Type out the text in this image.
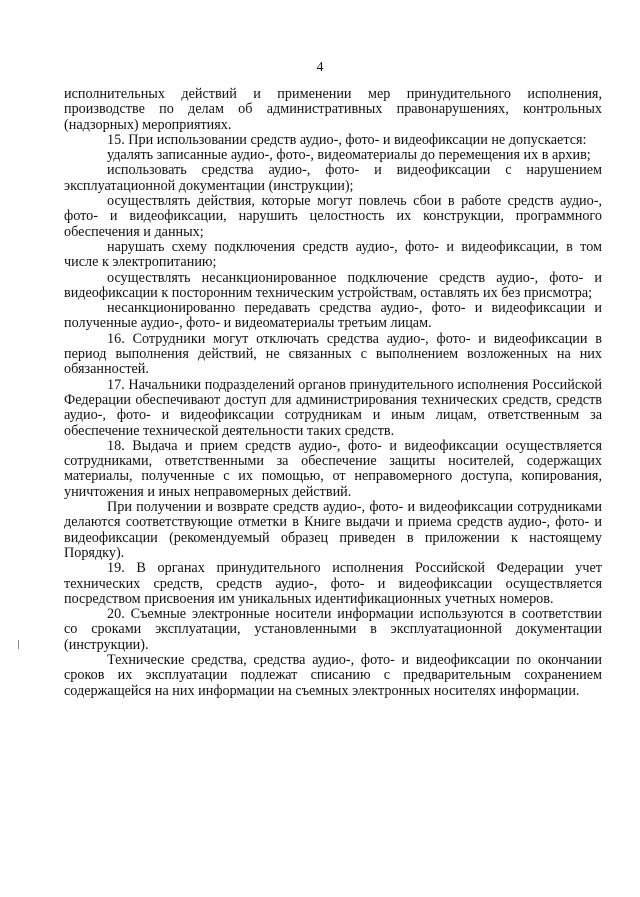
4

исполнительных действий и применении мер принудительного исполнения, производстве по делам об административных правонарушениях, контрольных (надзорных) мероприятиях.

15. При использовании средств аудио-, фото- и видеофиксации не допускается:

удалять записанные аудио-, фото-, видеоматериалы до перемещения их в архив;

использовать средства аудио-, фото- и видеофиксации с нарушением эксплуатационной документации (инструкции);

осуществлять действия, которые могут повлечь сбои в работе средств аудио-, фото- и видеофиксации, нарушить целостность их конструкции, программного обеспечения и данных;

нарушать схему подключения средств аудио-, фото- и видеофиксации, в том числе к электропитанию;

осуществлять несанкционированное подключение средств аудио-, фото- и видеофиксации к посторонним техническим устройствам, оставлять их без присмотра;

несанкционированно передавать средства аудио-, фото- и видеофиксации и полученные аудио-, фото- и видеоматериалы третьим лицам.

16. Сотрудники могут отключать средства аудио-, фото- и видеофиксации в период выполнения действий, не связанных с выполнением возложенных на них обязанностей.

17. Начальники подразделений органов принудительного исполнения Российской Федерации обеспечивают доступ для администрирования технических средств, средств аудио-, фото- и видеофиксации сотрудникам и иным лицам, ответственным за обеспечение технической деятельности таких средств.

18. Выдача и прием средств аудио-, фото- и видеофиксации осуществляется сотрудниками, ответственными за обеспечение защиты носителей, содержащих материалы, полученные с их помощью, от неправомерного доступа, копирования, уничтожения и иных неправомерных действий.

При получении и возврате средств аудио-, фото- и видеофиксации сотрудниками делаются соответствующие отметки в Книге выдачи и приема средств аудио-, фото- и видеофиксации (рекомендуемый образец приведен в приложении к настоящему Порядку).

19. В органах принудительного исполнения Российской Федерации учет технических средств, средств аудио-, фото- и видеофиксации осуществляется посредством присвоения им уникальных идентификационных учетных номеров.

20. Съемные электронные носители информации используются в соответствии со сроками эксплуатации, установленными в эксплуатационной документации (инструкции).

Технические средства, средства аудио-, фото- и видеофиксации по окончании сроков их эксплуатации подлежат списанию с предварительным сохранением содержащейся на них информации на съемных электронных носителях информации.
